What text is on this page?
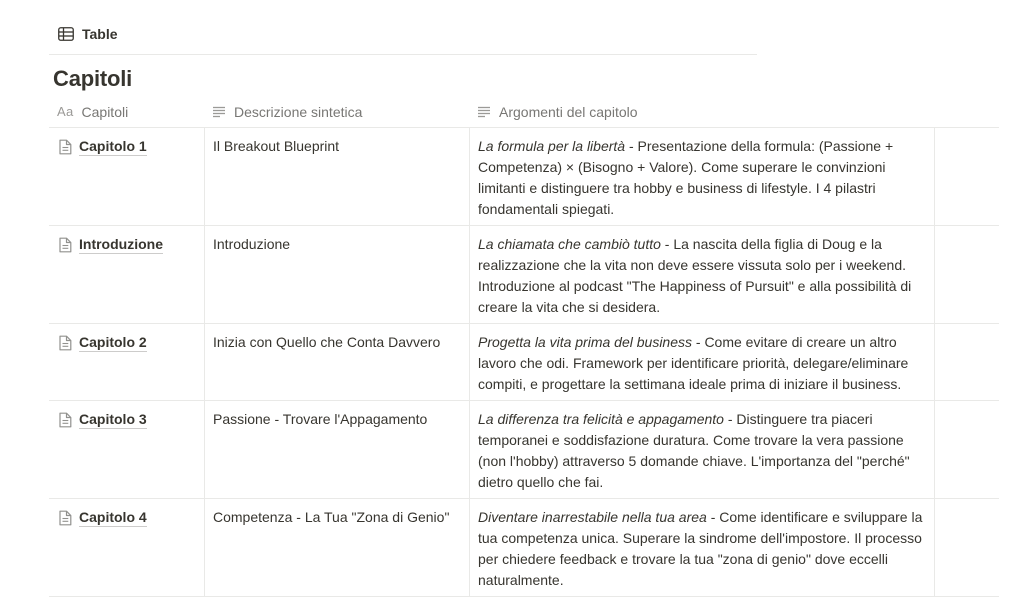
Table
Capitoli
Aa Capitoli	Descrizione sintetica	Argomenti del capitolo
Capitolo 1	Il Breakout Blueprint	La formula per la libertà - Presentazione della formula: (Passione + Competenza) × (Bisogno + Valore). Come superare le convinzioni limitanti e distinguere tra hobby e business di lifestyle. I 4 pilastri fondamentali spiegati.
Introduzione	Introduzione	La chiamata che cambiò tutto - La nascita della figlia di Doug e la realizzazione che la vita non deve essere vissuta solo per i weekend. Introduzione al podcast "The Happiness of Pursuit" e alla possibilità di creare la vita che si desidera.
Capitolo 2	Inizia con Quello che Conta Davvero	Progetta la vita prima del business - Come evitare di creare un altro lavoro che odi. Framework per identificare priorità, delegare/eliminare compiti, e progettare la settimana ideale prima di iniziare il business.
Capitolo 3	Passione - Trovare l'Appagamento	La differenza tra felicità e appagamento - Distinguere tra piaceri temporanei e soddisfazione duratura. Come trovare la vera passione (non l'hobby) attraverso 5 domande chiave. L'importanza del "perché" dietro quello che fai.
Capitolo 4	Competenza - La Tua "Zona di Genio"	Diventare inarrestabile nella tua area - Come identificare e sviluppare la tua competenza unica. Superare la sindrome dell'impostore. Il processo per chiedere feedback e trovare la tua "zona di genio" dove eccelli naturalmente.
